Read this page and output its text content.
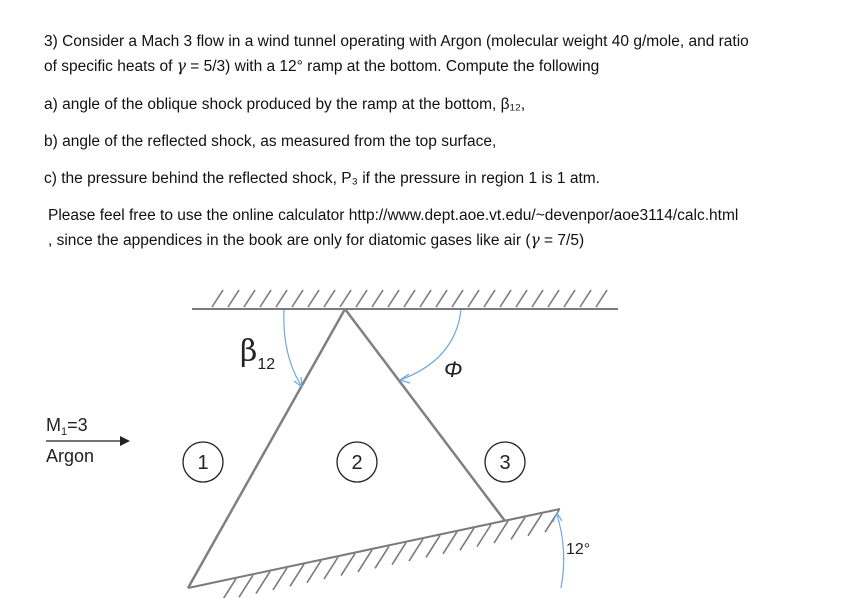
3) Consider a Mach 3 flow in a wind tunnel operating with Argon (molecular weight 40 g/mole, and ratio

of specific heats of γ = 5/3) with a 12° ramp at the bottom. Compute the following

a) angle of the oblique shock produced by the ramp at the bottom, β₁₂,

b) angle of the reflected shock, as measured from the top surface,

c) the pressure behind the reflected shock, P₃ if the pressure in region 1 is 1 atm.

Please feel free to use the online calculator http://www.dept.aoe.vt.edu/~devenpor/aoe3114/calc.html

, since the appendices in the book are only for diatomic gases like air (γ = 7/5)

$\beta_{12}$	Φ
$M_1=3$
Argon	1	2	3
12°
